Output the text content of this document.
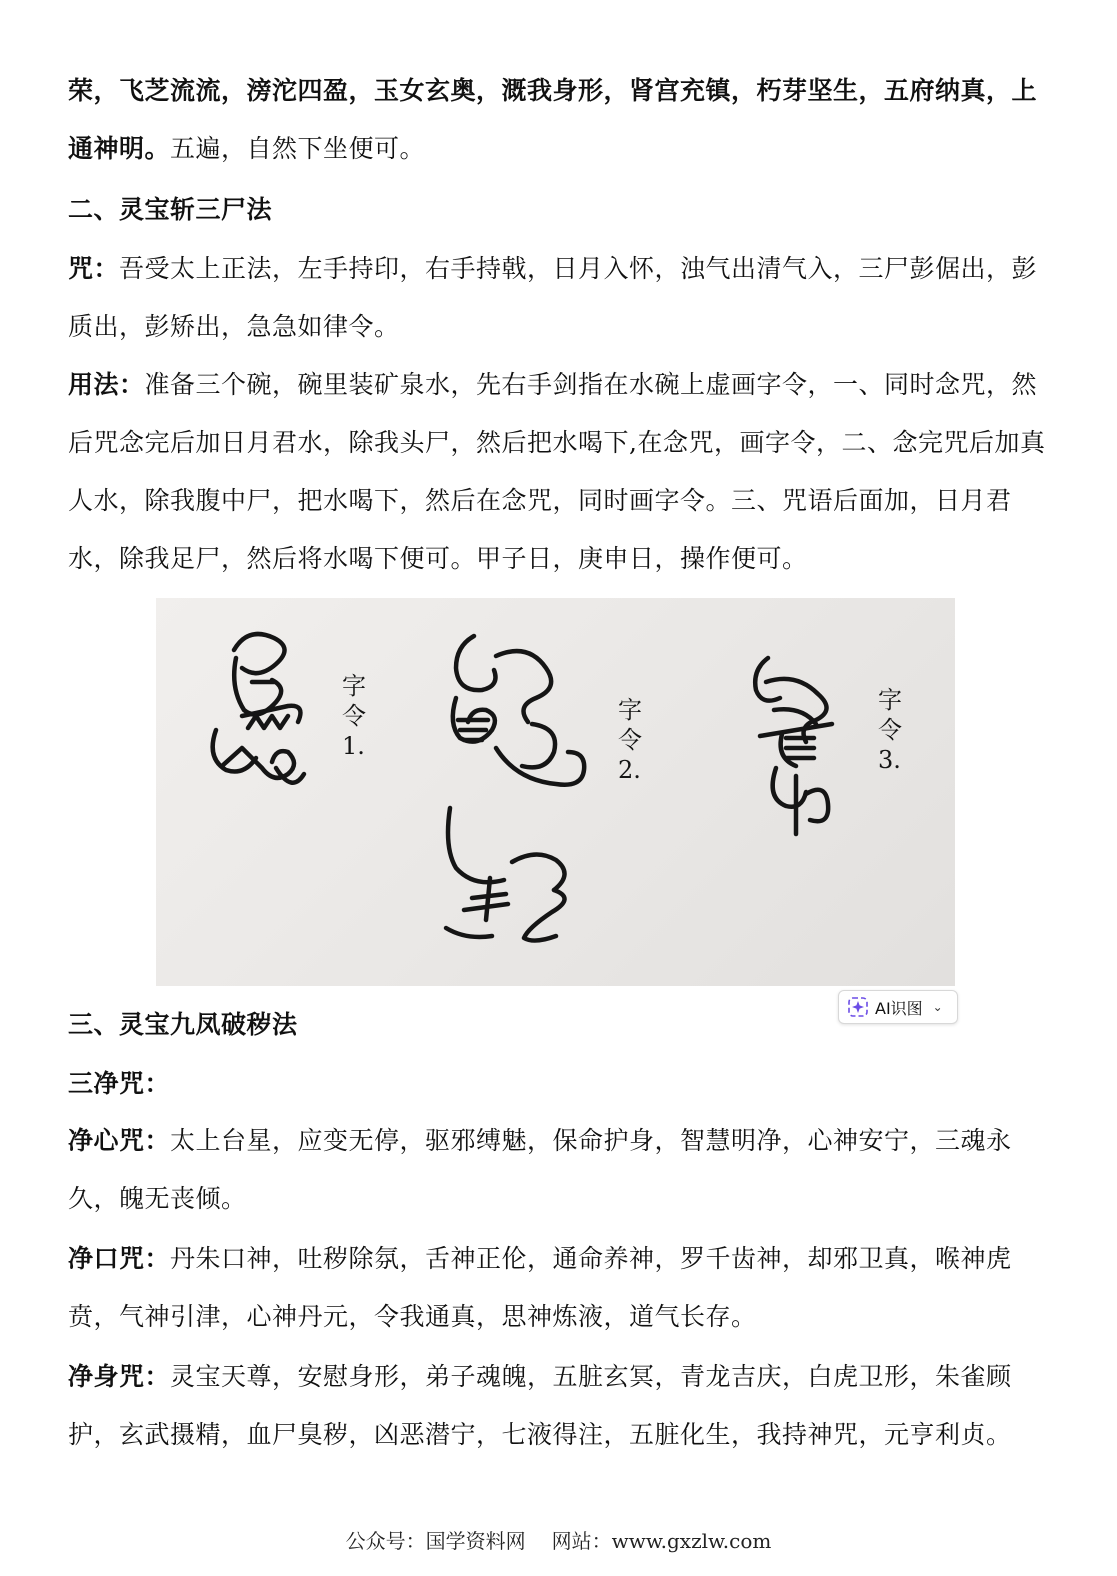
荣，飞芝流流，滂沱四盈，玉女玄奥，溉我身形，肾宫充镇，朽芽坚生，五府纳真，上通神明。五遍，自然下坐便可。

二、灵宝斩三尸法

咒：吾受太上正法，左手持印，右手持戟，日月入怀，浊气出清气入，三尸彭倨出，彭质出，彭矫出，急急如律令。

用法：准备三个碗，碗里装矿泉水，先右手剑指在水碗上虚画字令，一、同时念咒，然后咒念完后加日月君水，除我头尸，然后把水喝下,在念咒，画字令，二、念完咒后加真人水，除我腹中尸，把水喝下，然后在念咒，同时画字令。三、咒语后面加，日月君水，除我足尸，然后将水喝下便可。甲子日，庚申日，操作便可。

字令 1.
字令 2.
字令 3.
AI识图 ⌄
三、灵宝九凤破秽法
三净咒：

净心咒：太上台星，应变无停，驱邪缚魅，保命护身，智慧明净，心神安宁，三魂永久，魄无丧倾。

净口咒：丹朱口神，吐秽除氛，舌神正伦，通命养神，罗千齿神，却邪卫真，喉神虎贲，气神引津，心神丹元，令我通真，思神炼液，道气长存。

净身咒：灵宝天尊，安慰身形，弟子魂魄，五脏玄冥，青龙吉庆，白虎卫形，朱雀顾护，玄武摄精，血尸臭秽，凶恶潜宁，七液得注，五脏化生，我持神咒，元亨利贞。

公众号：国学资料网 网站：www.gxzlw.com
